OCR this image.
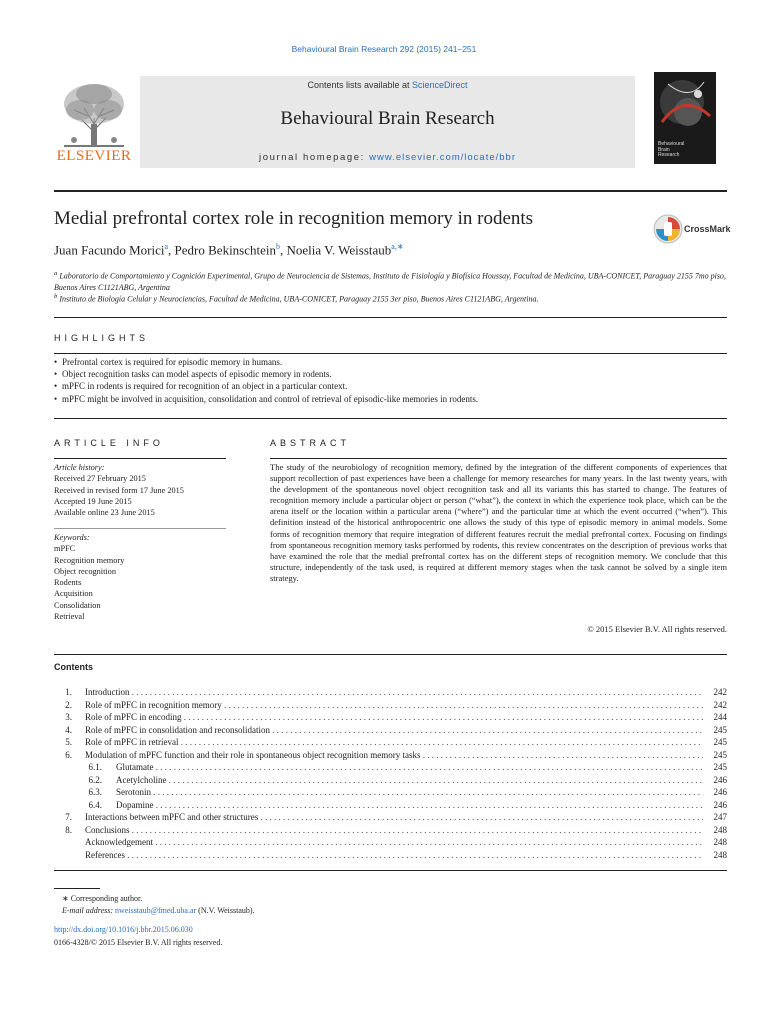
Behavioural Brain Research 292 (2015) 241–251
Contents lists available at ScienceDirect
Behavioural Brain Research
journal homepage: www.elsevier.com/locate/bbr
ELSEVIER
Behavioural
Brain
Research
Medial prefrontal cortex role in recognition memory in rodents
Juan Facundo Morici$^a$, Pedro Bekinschtein$^b$, Noelia V. Weisstaub$^{a,∗}$
CrossMark
$^a$ Laboratorio de Comportamiento y Cognición Experimental, Grupo de Neurociencia de Sistemas, Instituto de Fisiología y Biofísica Houssay, Facultad de Medicina, UBA-CONICET, Paraguay 2155 7mo piso, Buenos Aires C1121ABG, Argentina
$^b$ Instituto de Biología Celular y Neurociencias, Facultad de Medicina, UBA-CONICET, Paraguay 2155 3er piso, Buenos Aires C1121ABG, Argentina.
HIGHLIGHTS
• Prefrontal cortex is required for episodic memory in humans.
• Object recognition tasks can model aspects of episodic memory in rodents.
• mPFC in rodents is required for recognition of an object in a particular context.
• mPFC might be involved in acquisition, consolidation and control of retrieval of episodic-like memories in rodents.
ARTICLE INFO
Article history:
Received 27 February 2015
Received in revised form 17 June 2015
Accepted 19 June 2015
Available online 23 June 2015
Keywords:
mPFC
Recognition memory
Object recognition
Rodents
Acquisition
Consolidation
Retrieval
ABSTRACT
The study of the neurobiology of recognition memory, defined by the integration of the different components of experiences that support recollection of past experiences have been a challenge for memory researches for many years. In the last twenty years, with the development of the spontaneous novel object recognition task and all its variants this has started to change. The features of recognition memory include a particular object or person (“what”), the context in which the experience took place, which can be the arena itself or the location within a particular arena (“where”) and the particular time at which the event occurred (“when”). This definition instead of the historical anthropocentric one allows the study of this type of episodic memory in animal models. Some forms of recognition memory that require integration of different features recruit the medial prefrontal cortex. Focusing on findings from spontaneous recognition memory tasks performed by rodents, this review concentrates on the description of previous works that have examined the role that the medial prefrontal cortex has on the different steps of recognition memory. We conclude that this structure, independently of the task used, is required at different memory stages when the task cannot be solved by a single item strategy.
© 2015 Elsevier B.V. All rights reserved.
Contents
1. Introduction . . .	242
2. Role of mPFC in recognition memory . . .	242
3. Role of mPFC in encoding . . .	244
4. Role of mPFC in consolidation and reconsolidation . . .	245
5. Role of mPFC in retrieval . . .	245
6. Modulation of mPFC function and their role in spontaneous object recognition memory tasks . . .	245
6.1. Glutamate . . .	245
6.2. Acetylcholine . . .	246
6.3. Serotonin . . .	246
6.4. Dopamine . . .	246
7. Interactions between mPFC and other structures . . .	247
8. Conclusions . . .	248
Acknowledgement . . .	248
References . . .	248
∗ Corresponding author.
E-mail address: nweisstaub@fmed.uba.ar (N.V. Weisstaub).
http://dx.doi.org/10.1016/j.bbr.2015.06.030
0166-4328/© 2015 Elsevier B.V. All rights reserved.
